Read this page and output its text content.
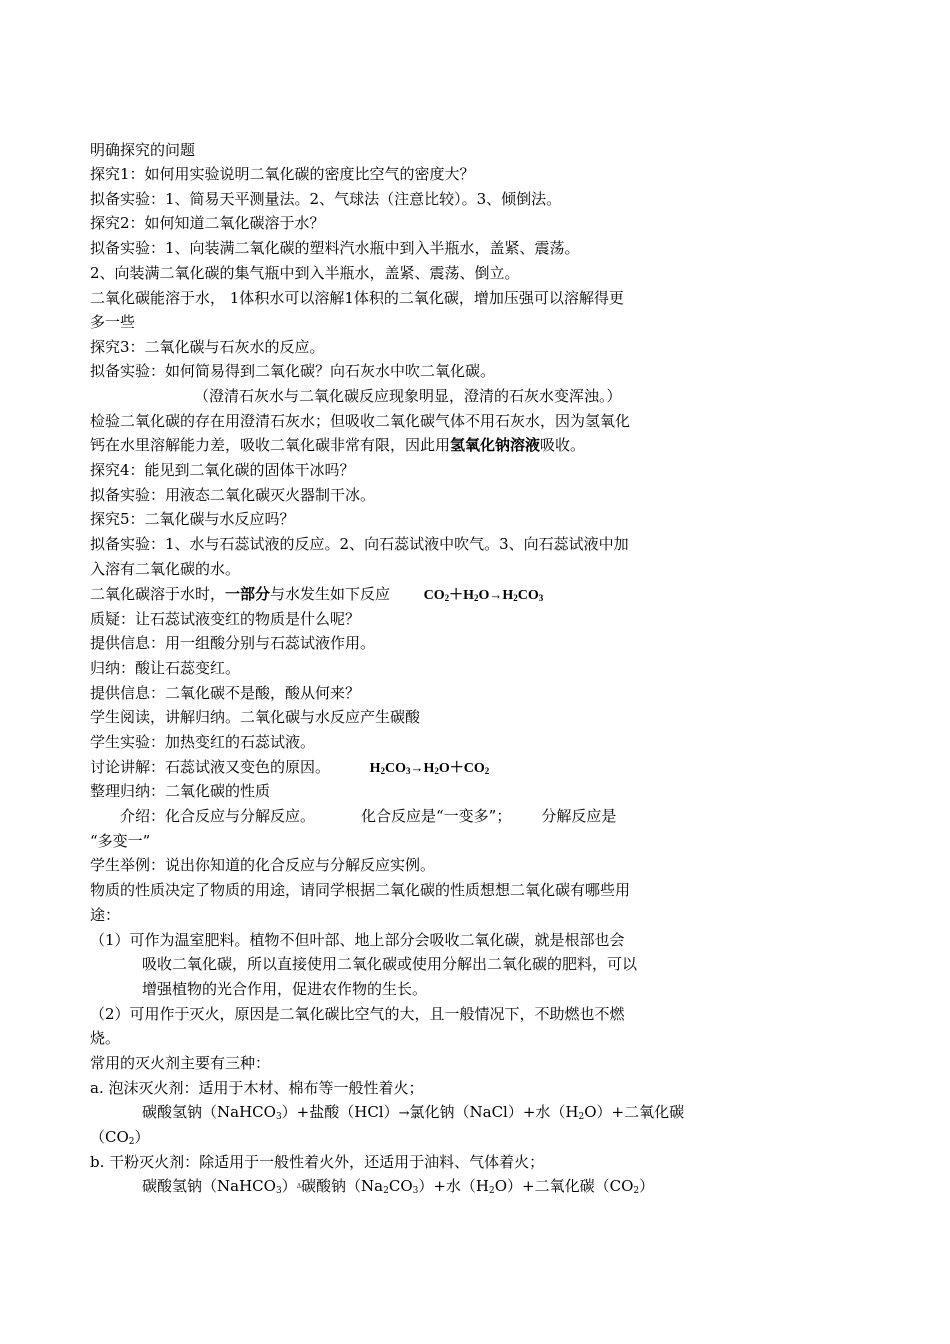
明确探究的问题
探究1：如何用实验说明二氧化碳的密度比空气的密度大？
拟备实验：1、简易天平测量法。2、气球法（注意比较）。3、倾倒法。
探究2：如何知道二氧化碳溶于水？
拟备实验：1、向装满二氧化碳的塑料汽水瓶中到入半瓶水，盖紧、震荡。
2、向装满二氧化碳的集气瓶中到入半瓶水，盖紧、震荡、倒立。
二氧化碳能溶于水， 1体积水可以溶解1体积的二氧化碳，增加压强可以溶解得更
多一些
探究3：二氧化碳与石灰水的反应。
拟备实验：如何简易得到二氧化碳？向石灰水中吹二氧化碳。
（澄清石灰水与二氧化碳反应现象明显，澄清的石灰水变浑浊。）
检验二氧化碳的存在用澄清石灰水；但吸收二氧化碳气体不用石灰水，因为氢氧化
钙在水里溶解能力差，吸收二氧化碳非常有限，因此用氢氧化钠溶液吸收。
探究4：能见到二氧化碳的固体干冰吗？
拟备实验：用液态二氧化碳灭火器制干冰。
探究5：二氧化碳与水反应吗？
拟备实验：1、水与石蕊试液的反应。2、向石蕊试液中吹气。3、向石蕊试液中加
入溶有二氧化碳的水。
二氧化碳溶于水时，一部分与水发生如下反应 $CO_2+H_2O\to H_2CO_3$
质疑：让石蕊试液变红的物质是什么呢？
提供信息：用一组酸分别与石蕊试液作用。
归纳：酸让石蕊变红。
提供信息：二氧化碳不是酸，酸从何来？
学生阅读，讲解归纳。二氧化碳与水反应产生碳酸
学生实验：加热变红的石蕊试液。
讨论讲解：石蕊试液又变色的原因。	$H_2CO_3\to H_2O+CO_2$
整理归纳：二氧化碳的性质
介绍：化合反应与分解反应。	化合反应是“一变多”； 分解反应是
“多变一”
学生举例：说出你知道的化合反应与分解反应实例。
物质的性质决定了物质的用途，请同学根据二氧化碳的性质想想二氧化碳有哪些用
途：
（1）可作为温室肥料。植物不但叶部、地上部分会吸收二氧化碳，就是根部也会
吸收二氧化碳，所以直接使用二氧化碳或使用分解出二氧化碳的肥料，可以
增强植物的光合作用，促进农作物的生长。
（2）可用作于灭火，原因是二氧化碳比空气的大，且一般情况下，不助燃也不燃
烧。
常用的灭火剂主要有三种：
a. 泡沫灭火剂：适用于木材、棉布等一般性着火；
碳酸氢钠（NaHCO$_3$）+盐酸（HCl）→氯化钠（NaCl）+水$(H_2O)+$二氧化碳
$(CO_2)$
b. 干粉灭火剂：除适用于一般性着火外，还适用于油料、气体着火；
碳酸氢钠（NaHCO$_3$）Δ碳酸钠$(Na_2CO_3)+$水$(H_2O)+$二氧化碳$(CO_2)$
